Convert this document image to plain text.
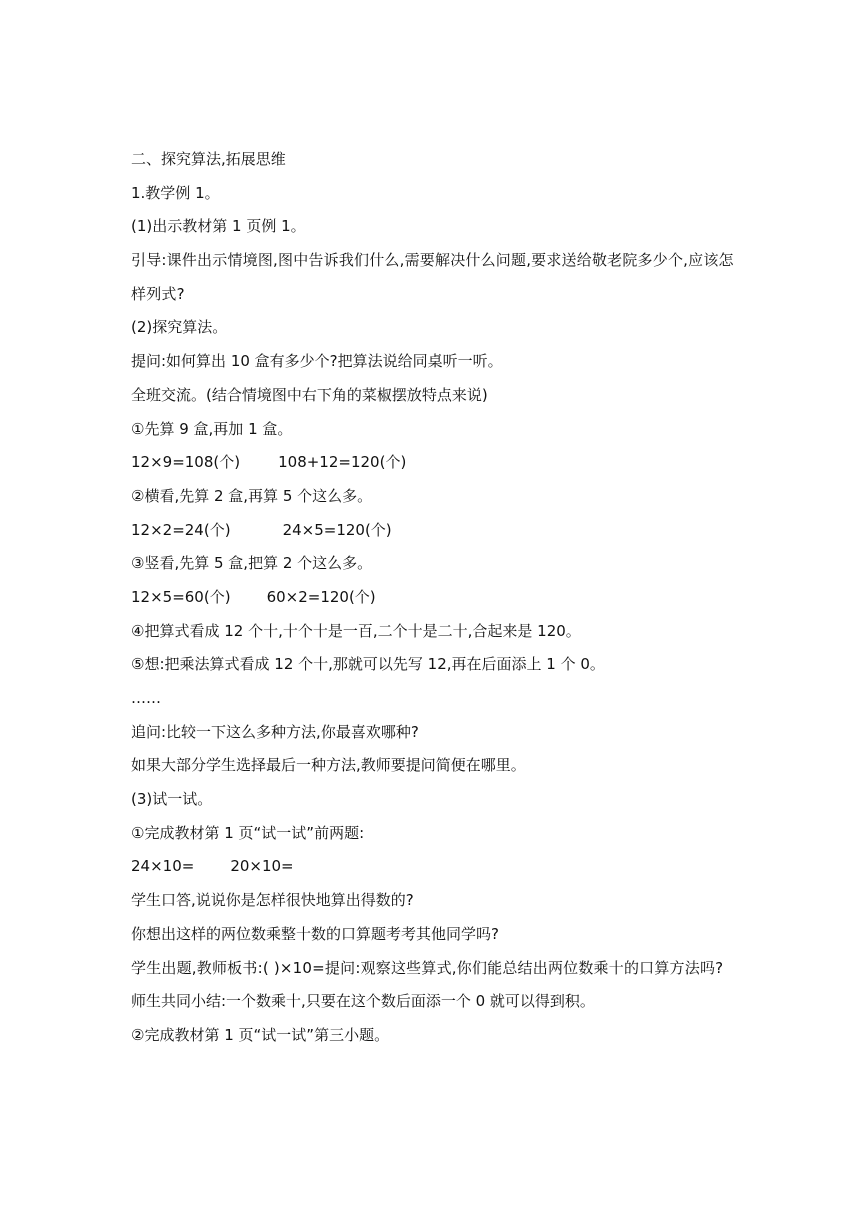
二、探究算法,拓展思维
1.教学例 1。
(1)出示教材第 1 页例 1。
引导:课件出示情境图,图中告诉我们什么,需要解决什么问题,要求送给敬老院多少个,应该怎样列式?
(2)探究算法。
提问:如何算出 10 盒有多少个?把算法说给同桌听一听。
全班交流。(结合情境图中右下角的菜椒摆放特点来说)
①先算 9 盒,再加 1 盒。
12×9=108(个)	108+12=120(个)
②横看,先算 2 盒,再算 5 个这么多。
12×2=24(个)	24×5=120(个)
③竖看,先算 5 盒,把算 2 个这么多。
12×5=60(个) 60×2=120(个)
④把算式看成 12 个十,十个十是一百,二个十是二十,合起来是 120。
⑤想:把乘法算式看成 12 个十,那就可以先写 12,再在后面添上 1 个 0。
……
追问:比较一下这么多种方法,你最喜欢哪种?
如果大部分学生选择最后一种方法,教师要提问简便在哪里。
(3)试一试。
①完成教材第 1 页“试一试”前两题:
24×10= 20×10=
学生口答,说说你是怎样很快地算出得数的?
你想出这样的两位数乘整十数的口算题考考其他同学吗?
学生出题,教师板书:( )×10=提问:观察这些算式,你们能总结出两位数乘十的口算方法吗?
师生共同小结:一个数乘十,只要在这个数后面添一个 0 就可以得到积。
②完成教材第 1 页“试一试”第三小题。
